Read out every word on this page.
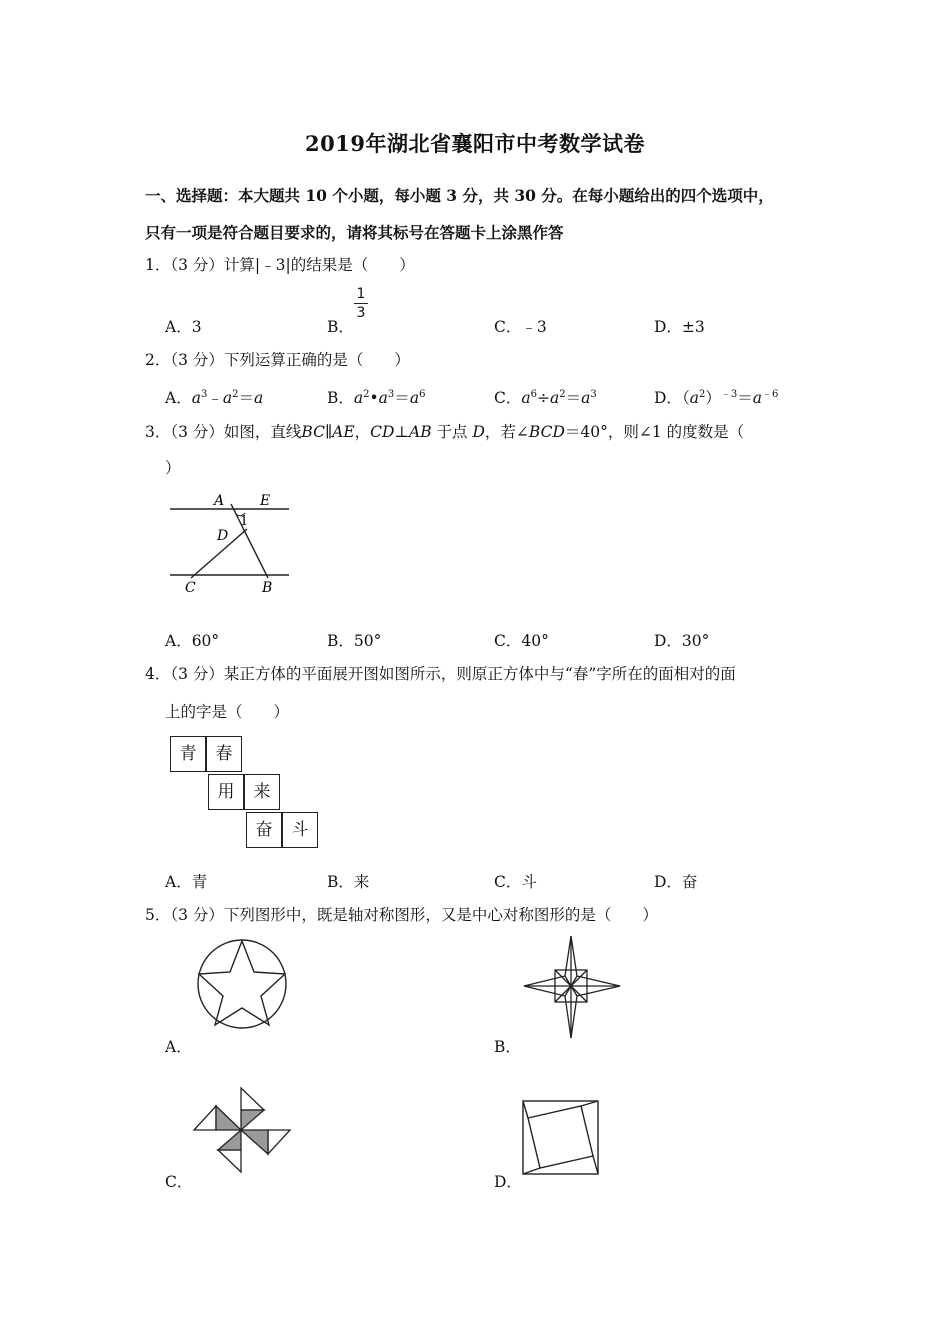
2019年湖北省襄阳市中考数学试卷
一、选择题：本大题共 10 个小题，每小题 3 分，共 30 分。在每小题给出的四个选项中，
只有一项是符合题目要求的，请将其标号在答题卡上涂黑作答
1．（3 分）计算|﹣3|的结果是（　　）
A．3	B．
1
3
C．﹣3	D．±3
2．（3 分）下列运算正确的是（　　）
A．$a^3﹣a^2=a$	B．$a^2•a^3=a^6$	C．$a^6\div a^2=a^3$	D．$(a^2)^{﹣3}=a^{﹣6}$
3．（3 分）如图，直线BC∥AE，CD⊥AB 于点 D，若∠BCD＝40°，则∠1 的度数是（
）
A	E
1
D
C	B
A．60°	B．50°	C．40°	D．30°
4．（3 分）某正方体的平面展开图如图所示，则原正方体中与“春”字所在的面相对的面
上的字是（　　）
青	春
用	来
奋	斗
A．青	B．来	C．斗	D．奋
5．（3 分）下列图形中，既是轴对称图形，又是中心对称图形的是（　　）
A．	B．
C．	D．
